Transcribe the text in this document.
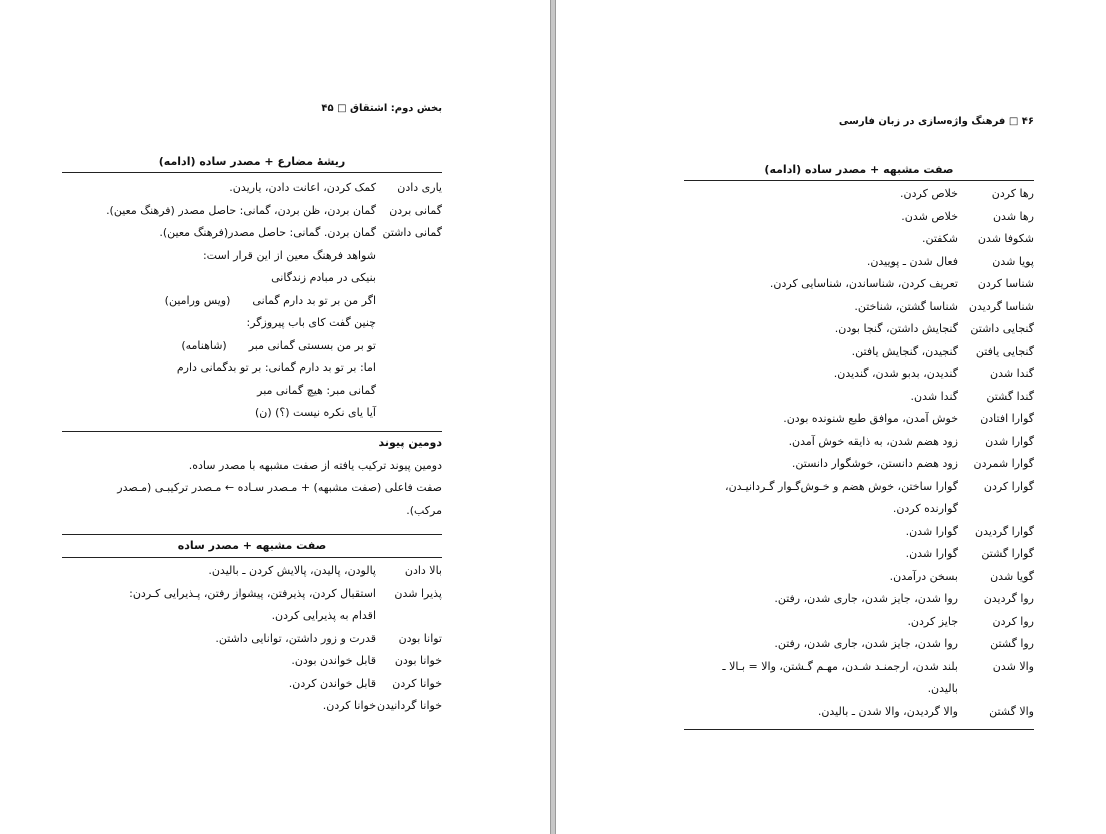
بخش دوم: اشتقاق □ ۴۵
ریشهٔ مضارع + مصدر ساده (ادامه)
یاری دادن
کمک کردن، اعانت دادن، یاریدن.
گمانی بردن
گمان بردن، ظن بردن، گمانی: حاصل مصدر (فرهنگ معین).
گمانی داشتن
گمان بردن. گمانی: حاصل مصدر(فرهنگ معین).
شواهد فرهنگ معین از این قرار است:
بنیکی در مبادم زندگانی
اگر من بر تو بد دارم گمانی(ویس ورامین)
چنین گفت کای باب پیروزگر:
تو بر من بسستی گمانی مبر(شاهنامه)
اما: بر تو بد دارم گمانی: بر تو بدگمانی دارم
گمانی مبر: هیچ گمانی مبر
آیا یای نکره نیست (؟) (ن)
دومین پیوند
دومین پیوند ترکیب یافته از صفت مشبهه با مصدر ساده.
صفت فاعلی (صفت مشبهه) + مـصدر سـاده ← مـصدر ترکیبـی (مـصدر
مرکب).
صفت مشبهه + مصدر ساده
بالا دادن
پالودن، پالیدن، پالایش کردن ـ بالیدن.
پذیرا شدن
استقبال کردن، پذیرفتن، پیشواز رفتن، پـذیرایی کـردن:
اقدام به پذیرایی کردن.
توانا بودن
قدرت و زور داشتن، توانایی داشتن.
خوانا بودن
قابل خواندن بودن.
خوانا کردن
قابل خواندن کردن.
خوانا گردانیدن
خوانا کردن.
۴۶ □ فرهنگ واژه‌سازی در زبان فارسی
صفت مشبهه + مصدر ساده (ادامه)
رها کردن
خلاص کردن.
رها شدن
خلاص شدن.
شکوفا شدن
شکفتن.
پویا شدن
فعال شدن ـ پوییدن.
شناسا کردن
تعریف کردن، شناساندن، شناسایی کردن.
شناسا گردیدن
شناسا گشتن، شناختن.
گنجایی داشتن
گنجایش داشتن، گنجا بودن.
گنجایی یافتن
گنجیدن، گنجایش یافتن.
گندا شدن
گندیدن، بدبو شدن، گندیدن.
گندا گشتن
گندا شدن.
گوارا افتادن
خوش آمدن، موافق طبع شنونده بودن.
گوارا شدن
زود هضم شدن، به ذایقه خوش آمدن.
گوارا شمردن
زود هضم دانستن، خوشگوار دانستن.
گوارا کردن
گوارا ساختن، خوش هضم و خـوش‌گـوار گـردانیـدن،
گوارنده کردن.
گوارا گردیدن
گوارا شدن.
گوارا گشتن
گوارا شدن.
گویا شدن
بسخن درآمدن.
روا گردیدن
روا شدن، جایز شدن، جاری شدن، رفتن.
روا کردن
جایز کردن.
روا گشتن
روا شدن، جایز شدن، جاری شدن، رفتن.
والا شدن
بلند شدن، ارجمنـد شـدن، مهـم گـشتن، والا = بـالا ـ
بالیدن.
والا گشتن
والا گردیدن، والا شدن ـ بالیدن.
